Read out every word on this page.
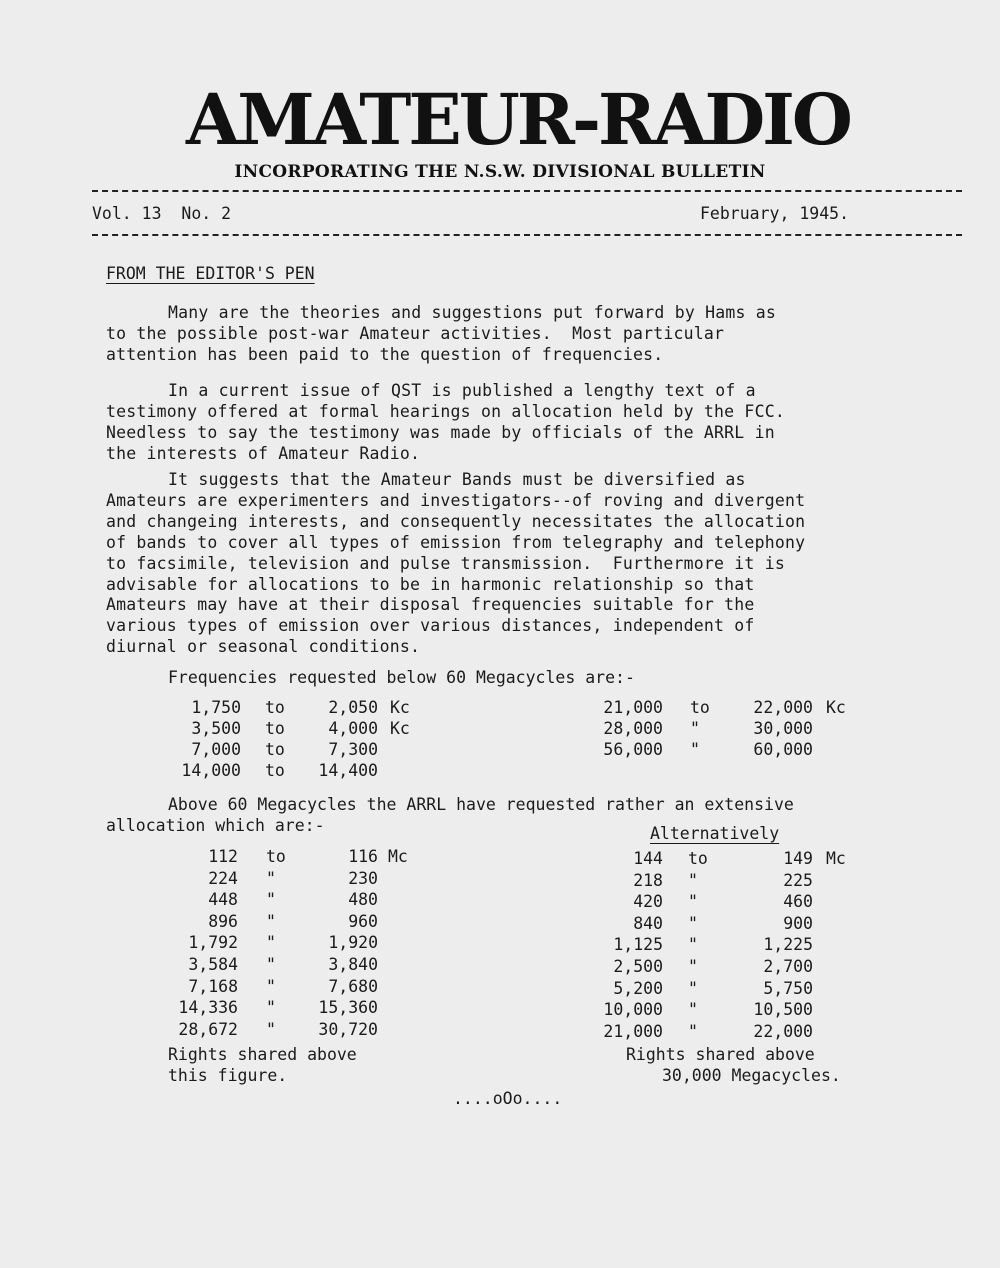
AMATEUR-RADIO
INCORPORATING THE N.S.W. DIVISIONAL BULLETIN
Vol. 13  No. 2	February, 1945.
FROM THE EDITOR'S PEN
Many are the theories and suggestions put forward by Hams as
to the possible post-war Amateur activities.  Most particular
attention has been paid to the question of frequencies.
In a current issue of QST is published a lengthy text of a
testimony offered at formal hearings on allocation held by the FCC.
Needless to say the testimony was made by officials of the ARRL in
the interests of Amateur Radio.
It suggests that the Amateur Bands must be diversified as
Amateurs are experimenters and investigators--of roving and divergent
and changeing interests, and consequently necessitates the allocation
of bands to cover all types of emission from telegraphy and telephony
to facsimile, television and pulse transmission.  Furthermore it is
advisable for allocations to be in harmonic relationship so that
Amateurs may have at their disposal frequencies suitable for the
various types of emission over various distances, independent of
diurnal or seasonal conditions.
Frequencies requested below 60 Megacycles are:-
1,750 to	2,050 Kc
3,500 to	4,000 Kc
7,000 to	7,300
14,000 to 14,400
21,000 to	22,000 Kc
28,000 "	30,000
56,000 "	60,000
Above 60 Megacycles the ARRL have requested rather an extensive
allocation which are:-	Alternatively
112 to	116 Mc
224 "	230
448 "	480
896 "	960
1,792 "	1,920
3,584 "	3,840
7,168 "	7,680
14,336 "	15,360
28,672 "	30,720
144 to	149 Mc
218 "	225
420 "	460
840 "	900
1,125 "	1,225
2,500 "	2,700
5,200 "	5,750
10,000 "	10,500
21,000 "	22,000
Rights shared above
this figure.
Rights shared above
30,000 Megacycles.
....oOo....
